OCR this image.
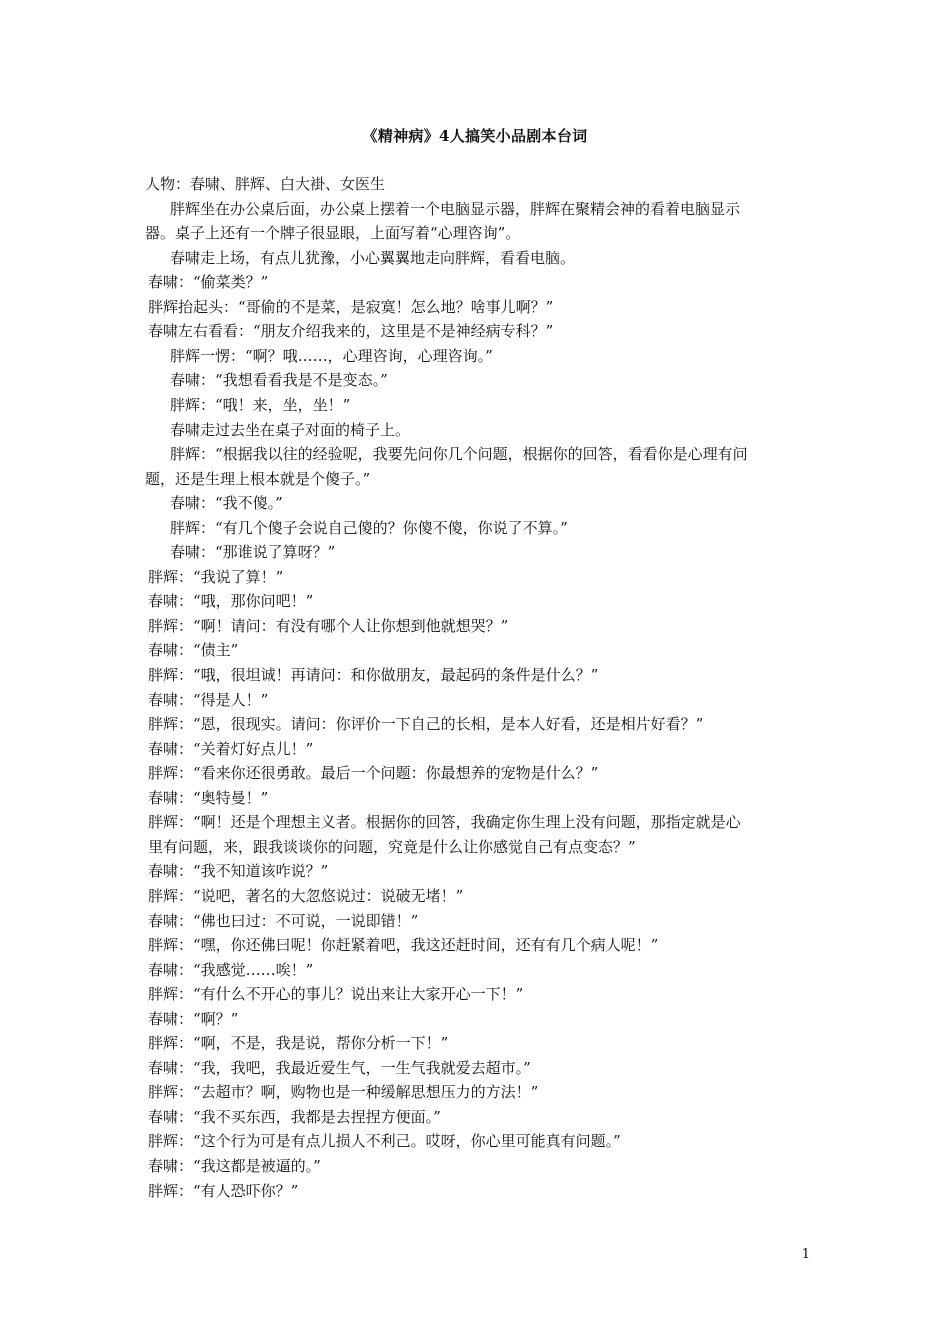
《精神病》4人搞笑小品剧本台词
人物：春啸、胖辉、白大褂、女医生
胖辉坐在办公桌后面，办公桌上摆着一个电脑显示器，胖辉在聚精会神的看着电脑显示
器。桌子上还有一个牌子很显眼，上面写着“心理咨询”。
春啸走上场，有点儿犹豫，小心翼翼地走向胖辉，看看电脑。
春啸：“偷菜类？”
胖辉抬起头：“哥偷的不是菜，是寂寞！怎么地？啥事儿啊？”
春啸左右看看：“朋友介绍我来的，这里是不是神经病专科？”
胖辉一愣：“啊？哦……，心理咨询，心理咨询。”
春啸：“我想看看我是不是变态。”
胖辉：“哦！来，坐，坐！”
春啸走过去坐在桌子对面的椅子上。
胖辉：“根据我以往的经验呢，我要先问你几个问题，根据你的回答，看看你是心理有问
题，还是生理上根本就是个傻子。”
春啸：“我不傻。”
胖辉：“有几个傻子会说自己傻的？你傻不傻，你说了不算。”
春啸：“那谁说了算呀？”
胖辉：“我说了算！”
春啸：“哦，那你问吧！”
胖辉：“啊！请问：有没有哪个人让你想到他就想哭？”
春啸：“债主”
胖辉：“哦，很坦诚！再请问：和你做朋友，最起码的条件是什么？”
春啸：“得是人！”
胖辉：“恩，很现实。请问：你评价一下自己的长相，是本人好看，还是相片好看？”
春啸：“关着灯好点儿！”
胖辉：“看来你还很勇敢。最后一个问题：你最想养的宠物是什么？”
春啸：“奥特曼！”
胖辉：“啊！还是个理想主义者。根据你的回答，我确定你生理上没有问题，那指定就是心
里有问题，来，跟我谈谈你的问题，究竟是什么让你感觉自己有点变态？”
春啸：“我不知道该咋说？”
胖辉：“说吧，著名的大忽悠说过：说破无堵！”
春啸：“佛也曰过：不可说，一说即错！”
胖辉：“嘿，你还佛曰呢！你赶紧着吧，我这还赶时间，还有有几个病人呢！”
春啸：“我感觉……唉！”
胖辉：“有什么不开心的事儿？说出来让大家开心一下！”
春啸：“啊？”
胖辉：“啊，不是，我是说，帮你分析一下！”
春啸：“我，我吧，我最近爱生气，一生气我就爱去超市。”
胖辉：“去超市？啊，购物也是一种缓解思想压力的方法！”
春啸：“我不买东西，我都是去捏捏方便面。”
胖辉：“这个行为可是有点儿损人不利己。哎呀，你心里可能真有问题。”
春啸：“我这都是被逼的。”
胖辉：“有人恐吓你？”
1
